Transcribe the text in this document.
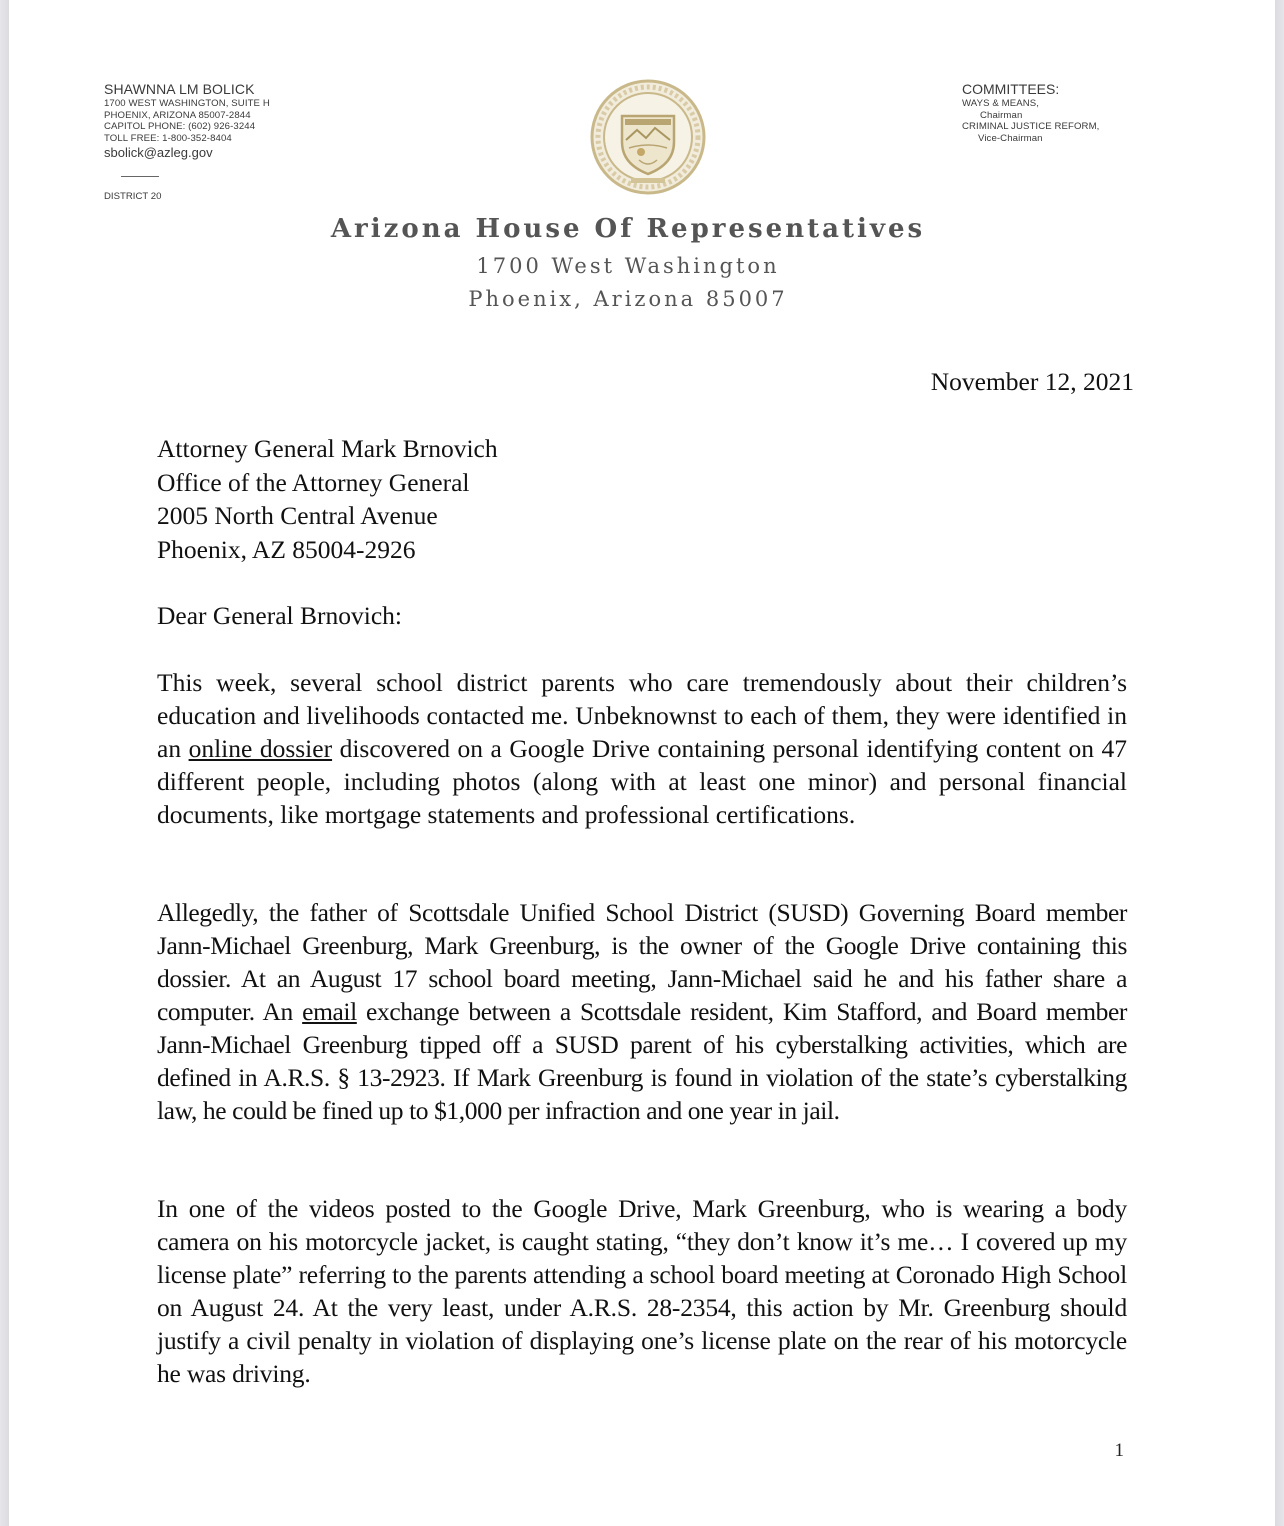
SHAWNNA LM BOLICK
1700 WEST WASHINGTON, SUITE H
PHOENIX, ARIZONA 85007-2844
CAPITOL PHONE: (602) 926-3244
TOLL FREE: 1-800-352-8404
sbolick@azleg.gov
DISTRICT 20
COMMITTEES:
WAYS & MEANS,
Chairman
CRIMINAL JUSTICE REFORM,
Vice-Chairman
Arizona House Of Representatives
1700 West Washington
Phoenix, Arizona 85007
November 12, 2021
Attorney General Mark Brnovich
Office of the Attorney General
2005 North Central Avenue
Phoenix, AZ 85004-2926
Dear General Brnovich:

This week, several school district parents who care tremendously about their children’s education and livelihoods contacted me. Unbeknownst to each of them, they were identified in an online dossier discovered on a Google Drive containing personal identifying content on 47 different people, including photos (along with at least one minor) and personal financial documents, like mortgage statements and professional certifications.

Allegedly, the father of Scottsdale Unified School District (SUSD) Governing Board member Jann-Michael Greenburg, Mark Greenburg, is the owner of the Google Drive containing this dossier. At an August 17 school board meeting, Jann-Michael said he and his father share a computer. An email exchange between a Scottsdale resident, Kim Stafford, and Board member Jann-Michael Greenburg tipped off a SUSD parent of his cyberstalking activities, which are defined in A.R.S. § 13-2923. If Mark Greenburg is found in violation of the state’s cyberstalking law, he could be fined up to $1,000 per infraction and one year in jail.

In one of the videos posted to the Google Drive, Mark Greenburg, who is wearing a body camera on his motorcycle jacket, is caught stating, “they don’t know it’s me… I covered up my license plate” referring to the parents attending a school board meeting at Coronado High School on August 24. At the very least, under A.R.S. 28-2354, this action by Mr. Greenburg should justify a civil penalty in violation of displaying one’s license plate on the rear of his motorcycle he was driving.

1
